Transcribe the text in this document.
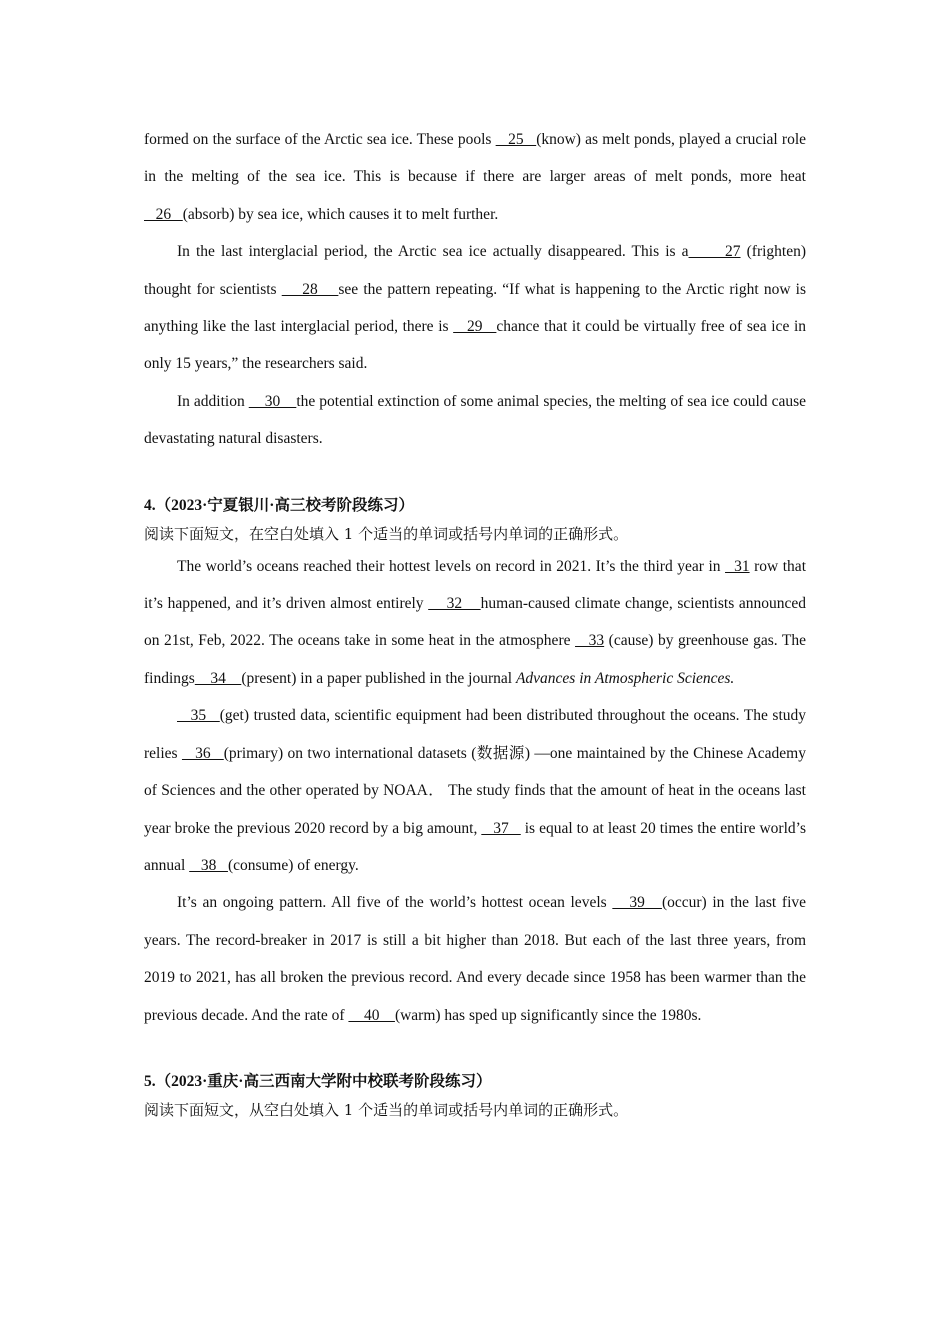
formed on the surface of the Arctic sea ice. These pools    25   (know) as melt ponds, played a crucial role in the melting of the sea ice. This is because if there are larger areas of melt ponds, more heat   26   (absorb) by sea ice, which causes it to melt further.

In the last interglacial period, the Arctic sea ice actually disappeared. This is a      27 (frighten) thought for scientists     28    see the pattern repeating. “If what is happening to the Arctic right now is anything like the last interglacial period, there is    29   chance that it could be virtually free of sea ice in only 15 years,” the researchers said.

In addition     30    the potential extinction of some animal species, the melting of sea ice could cause devastating natural disasters.

4.（2023·宁夏银川·高三校考阶段练习）

阅读下面短文，在空白处填入 1 个适当的单词或括号内单词的正确形式。

The world’s oceans reached their hottest levels on record in 2021. It’s the third year in   31 row that it’s happened, and it’s driven almost entirely     32    human-caused climate change, scientists announced on 21st, Feb, 2022. The oceans take in some heat in the atmosphere    33 (cause) by greenhouse gas. The findings    34    (present) in a paper published in the journal Advances in Atmospheric Sciences.

35   (get) trusted data, scientific equipment had been distributed throughout the oceans. The study relies    36   (primary) on two international datasets (数据源) —one maintained by the Chinese Academy of Sciences and the other operated by NOAA． The study finds that the amount of heat in the oceans last year broke the previous 2020 record by a big amount,    37    is equal to at least 20 times the entire world’s annual    38   (consume) of energy.

It’s an ongoing pattern. All five of the world’s hottest ocean levels    39   (occur) in the last five years. The record-breaker in 2017 is still a bit higher than 2018. But each of the last three years, from 2019 to 2021, has all broken the previous record. And every decade since 1958 has been warmer than the previous decade. And the rate of     40    (warm) has sped up significantly since the 1980s.

5.（2023·重庆·高三西南大学附中校联考阶段练习）

阅读下面短文，从空白处填入 1 个适当的单词或括号内单词的正确形式。
